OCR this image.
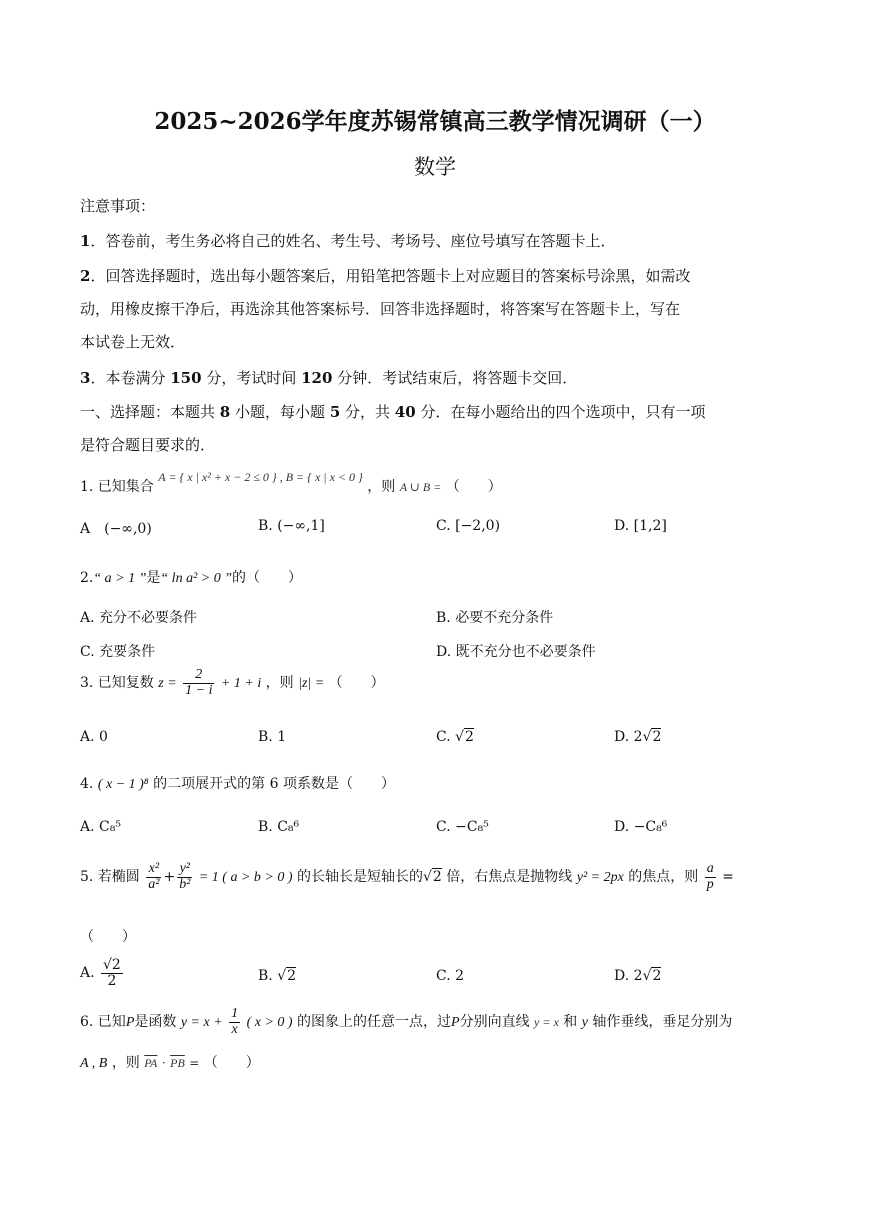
2025~2026学年度苏锡常镇高三教学情况调研（一）
数学
注意事项：
1．答卷前，考生务必将自己的姓名、考生号、考场号、座位号填写在答题卡上．
2．回答选择题时，选出每小题答案后，用铅笔把答题卡上对应题目的答案标号涂黑，如需改
动，用橡皮擦干净后，再选涂其他答案标号．回答非选择题时，将答案写在答题卡上，写在
本试卷上无效．
3．本卷满分 150 分，考试时间 120 分钟．考试结束后，将答题卡交回．
一、选择题：本题共 8 小题，每小题 5 分，共 40 分．在每小题给出的四个选项中，只有一项
是符合题目要求的．
1. 已知集合 A = { x | x² + x − 2 ≤ 0 } , B = { x | x < 0 } ，则 A ∪ B = （　　）
A　(−∞,0)	B. (−∞,1]	C. [−2,0)	D. [1,2]
2.“ a > 1 ”是“ ln a² > 0 ”的（　　）
A. 充分不必要条件	B. 必要不充分条件
C. 充要条件	D. 既不充分也不必要条件
3. 已知复数 $z = \frac{2}{1 - i} + 1 + i$ ，则 |z| = （　　）
A. 0	B. 1	C. √2	D. 2√2
4. ( x − 1 )⁸ 的二项展开式的第 6 项系数是（　　）
A. C₈⁵	B. C₈⁶	C. −C₈⁵	D. −C₈⁶
5. 若椭圆 $\frac{\text{x²}}{\text{a²}} + \frac{\text{y²}}{\text{b²}} = 1$ ( a > b > 0 ) 的长轴长是短轴长的√2 倍，右焦点是抛物线 y² = 2px 的焦点，则 $\frac{a}{p}$ =
（　　）
A. $\frac{√2}{2}$	B. √2	C. 2	D. 2√2
6. 已知P是函数 $y = x + \frac{1}{x}$ ( x > 0 ) 的图象上的任意一点，过P分别向直线 y = x 和 y 轴作垂线，垂足分别为
A , B ，则 $\overline{PA} \cdot \overline{PB}$ = （　　）
